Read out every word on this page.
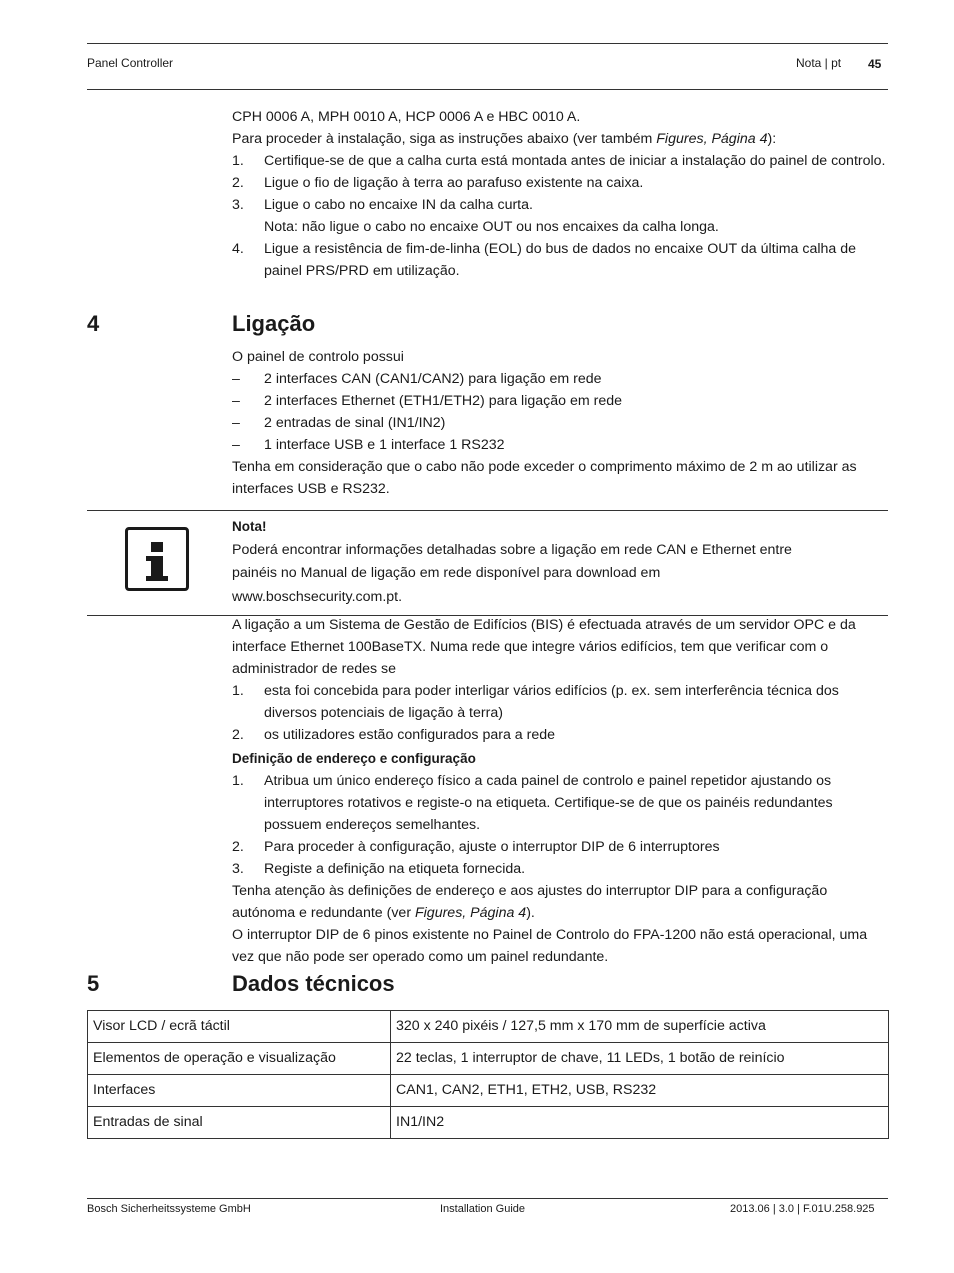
Panel Controller	Nota | pt 45

CPH 0006 A, MPH 0010 A, HCP 0006 A e HBC 0010 A.

Para proceder à instalação, siga as instruções abaixo (ver também Figures, Página 4):

1. Certifique-se de que a calha curta está montada antes de iniciar a instalação do painel de controlo.
2. Ligue o fio de ligação à terra ao parafuso existente na caixa.
3. Ligue o cabo no encaixe IN da calha curta.
Nota: não ligue o cabo no encaixe OUT ou nos encaixes da calha longa.
4. Ligue a resistência de fim-de-linha (EOL) do bus de dados no encaixe OUT da última calha de painel PRS/PRD em utilização.
4	Ligação

O painel de controlo possui

– 2 interfaces CAN (CAN1/CAN2) para ligação em rede
– 2 interfaces Ethernet (ETH1/ETH2) para ligação em rede
– 2 entradas de sinal (IN1/IN2)
– 1 interface USB e 1 interface 1 RS232

Tenha em consideração que o cabo não pode exceder o comprimento máximo de 2 m ao utilizar as interfaces USB e RS232.

Nota!

Poderá encontrar informações detalhadas sobre a ligação em rede CAN e Ethernet entre

painéis no Manual de ligação em rede disponível para download em

www.boschsecurity.com.pt.

A ligação a um Sistema de Gestão de Edifícios (BIS) é efectuada através de um servidor OPC e da interface Ethernet 100BaseTX. Numa rede que integre vários edifícios, tem que verificar com o administrador de redes se

1. esta foi concebida para poder interligar vários edifícios (p. ex. sem interferência técnica dos diversos potenciais de ligação à terra)
2. os utilizadores estão configurados para a rede

Definição de endereço e configuração

1. Atribua um único endereço físico a cada painel de controlo e painel repetidor ajustando os interruptores rotativos e registe-o na etiqueta. Certifique-se de que os painéis redundantes possuem endereços semelhantes.
2. Para proceder à configuração, ajuste o interruptor DIP de 6 interruptores
3. Registe a definição na etiqueta fornecida.

Tenha atenção às definições de endereço e aos ajustes do interruptor DIP para a configuração autónoma e redundante (ver Figures, Página 4).

O interruptor DIP de 6 pinos existente no Painel de Controlo do FPA-1200 não está operacional, uma vez que não pode ser operado como um painel redundante.

5	Dados técnicos
Visor LCD / ecrã táctil	320 x 240 pixéis / 127,5 mm x 170 mm de superfície activa
Elementos de operação e visualização	22 teclas, 1 interruptor de chave, 11 LEDs, 1 botão de reinício
Interfaces	CAN1, CAN2, ETH1, ETH2, USB, RS232
Entradas de sinal	IN1/IN2
Bosch Sicherheitssysteme GmbH	Installation Guide	2013.06 | 3.0 | F.01U.258.925
